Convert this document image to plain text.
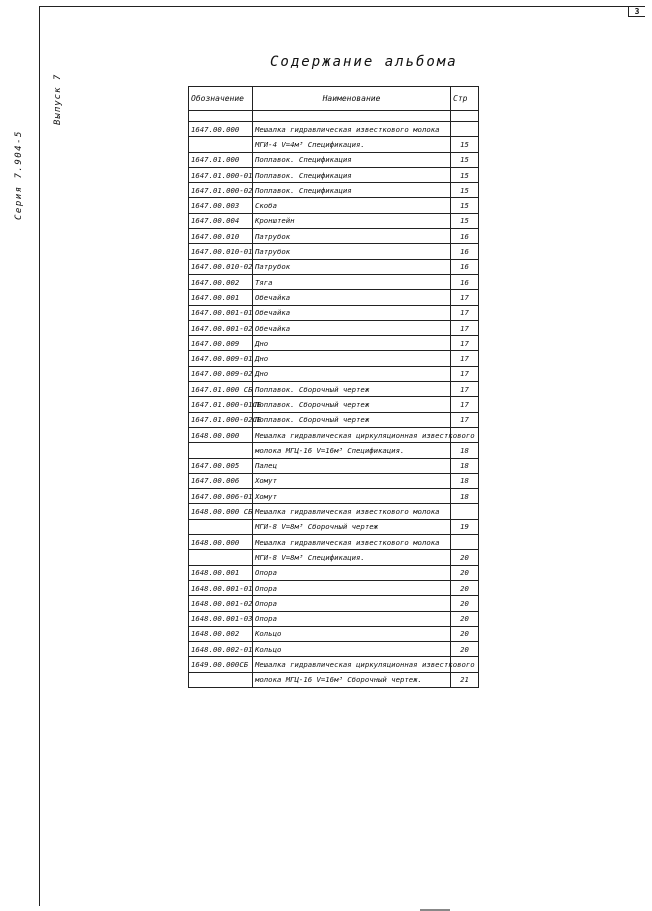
3
Выпуск 7
Серия 7.904-5
Содержание альбома
Обозначение	Наименование	Стр

1647.00.000	Мешалка гидравлическая известкового молока	
	МГИ-4 V=4м³ Спецификация.	15
1647.01.000	Поплавок. Спецификация	15
1647.01.000-01	Поплавок. Спецификация	15
1647.01.000-02	Поплавок. Спецификация	15
1647.00.003	Скоба	15
1647.00.004	Кронштейн	15
1647.00.010	Патрубок	16
1647.00.010-01	Патрубок	16
1647.00.010-02	Патрубок	16
1647.00.002	Тяга	16
1647.00.001	Обечайка	17
1647.00.001-01	Обечайка	17
1647.00.001-02	Обечайка	17
1647.00.009	Дно	17
1647.00.009-01	Дно	17
1647.00.009-02	Дно	17
1647.01.000 СБ	Поплавок. Сборочный чертеж	17
1647.01.000-01СБ	Поплавок. Сборочный чертеж	17
1647.01.000-02СБ	Поплавок. Сборочный чертеж	17
1648.00.000	Мешалка гидравлическая циркуляционная известкового	
	молока МГЦ-16 V=16м³ Спецификация.	18
1647.00.005	Палец	18
1647.00.006	Хомут	18
1647.00.006-01	Хомут	18
1648.00.000 СБ	Мешалка гидравлическая известкового молока	
	МГИ-8 V=8м³ Сборочный чертеж	19
1648.00.000	Мешалка гидравлическая известкового молока	
	МГИ-8 V=8м³ Спецификация.	20
1648.00.001	Опора	20
1648.00.001-01	Опора	20
1648.00.001-02	Опора	20
1648.00.001-03	Опора	20
1648.00.002	Кольцо	20
1648.00.002-01	Кольцо	20
1649.00.000СБ	Мешалка гидравлическая циркуляционная известкового	
	молока МГЦ-16 V=16м³ Сборочный чертеж.	21
